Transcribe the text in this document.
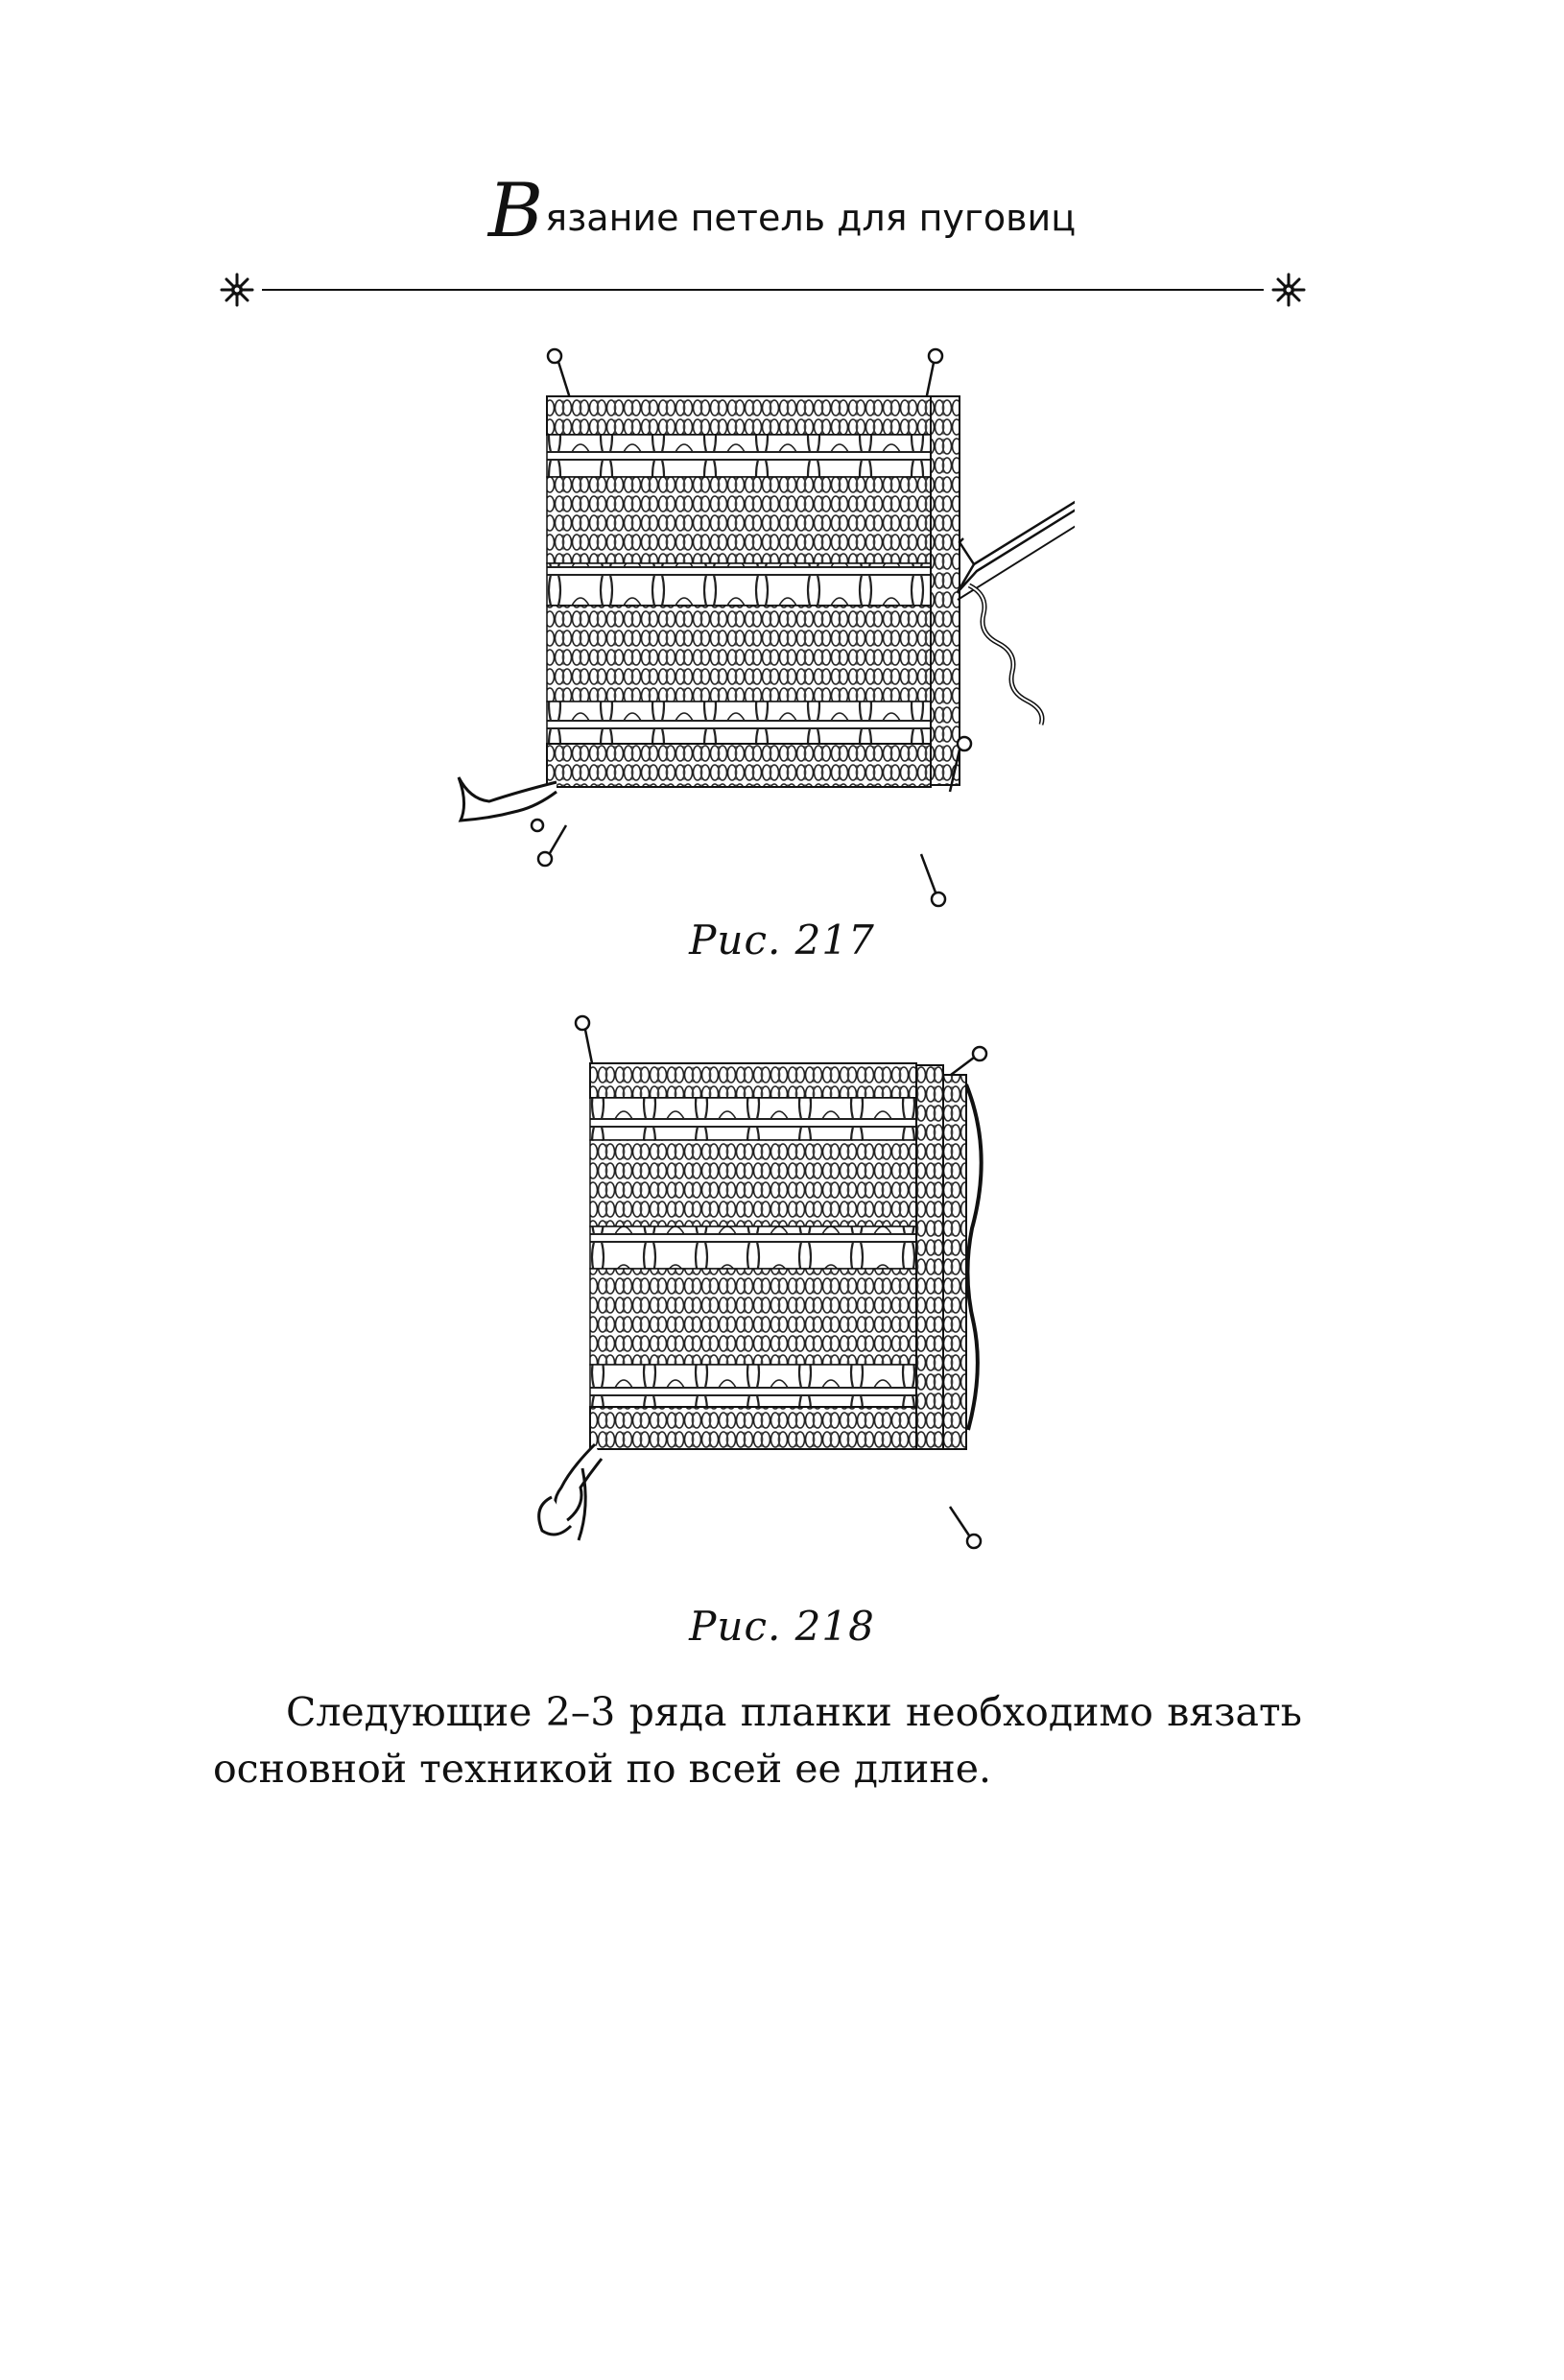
Вязание петель для пуговиц
Рис. 217
Рис. 218

Следующие 2–3 ряда планки необходимо вязать основной техникой по всей ее длине.
